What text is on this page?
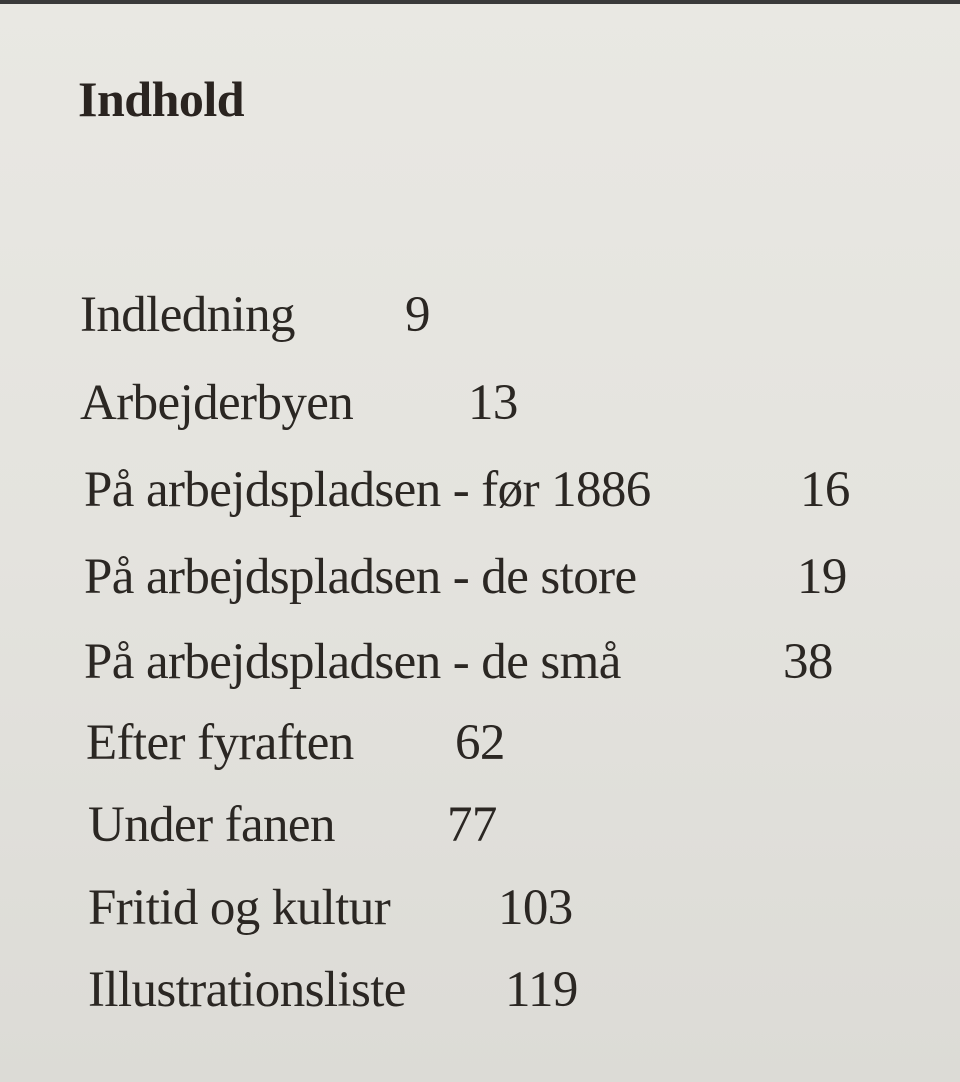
Indhold
Indledning 9
Arbejderbyen 13
På arbejdspladsen - før 1886	16
På arbejdspladsen - de store	19
På arbejdspladsen - de små	38
Efter fyraften 62
Under fanen 77
Fritid og kultur 103
Illustrationsliste 119
